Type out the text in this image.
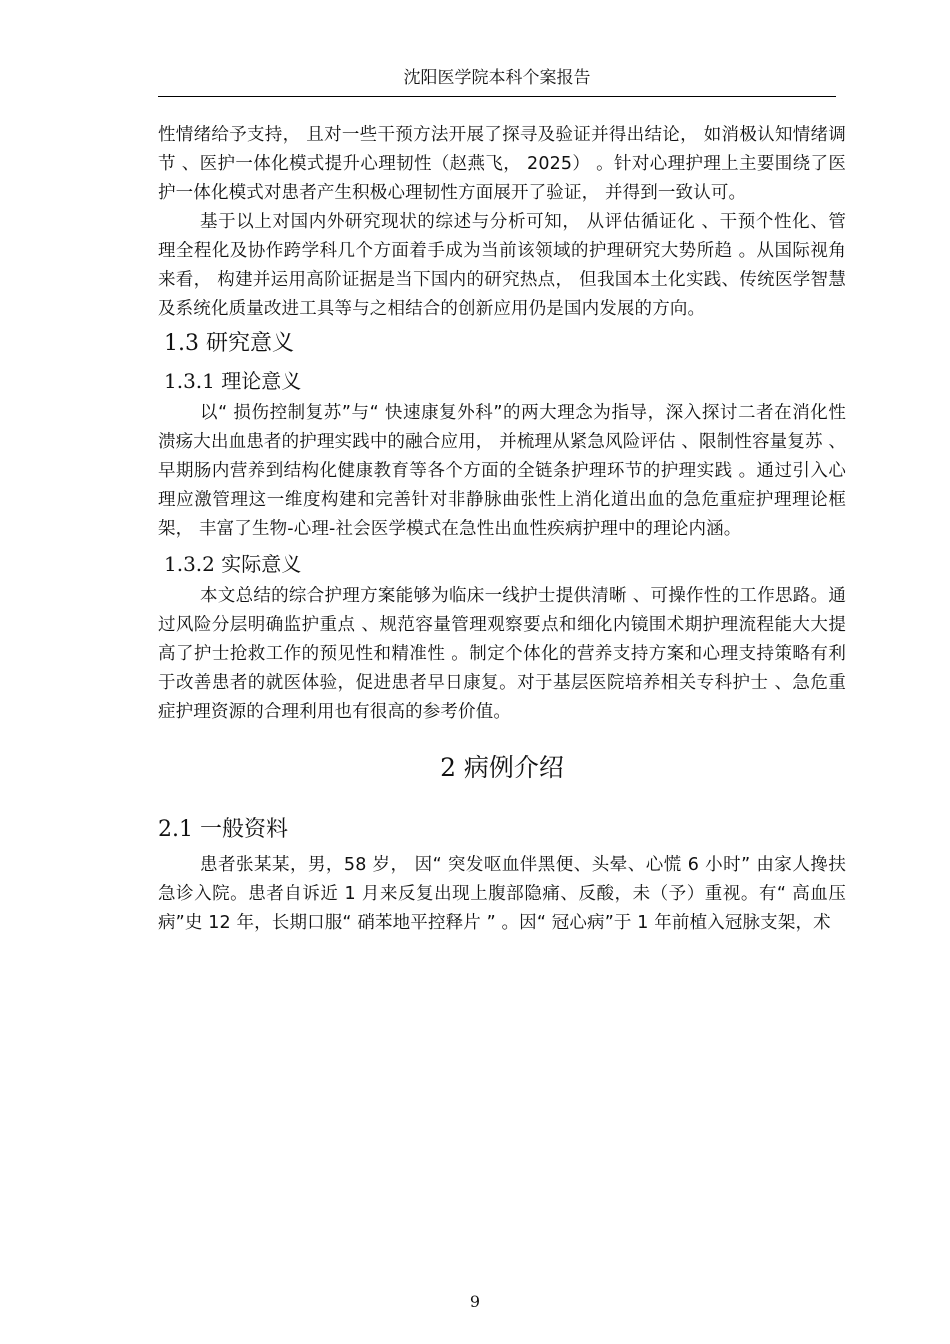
沈阳医学院本科个案报告

性情绪给予支持， 且对一些干预方法开展了探寻及验证并得出结论， 如消极认知情绪调节 、医护一体化模式提升心理韧性（赵燕飞， 2025） 。针对心理护理上主要围绕了医护一体化模式对患者产生积极心理韧性方面展开了验证， 并得到一致认可。

基于以上对国内外研究现状的综述与分析可知， 从评估循证化 、干预个性化、管理全程化及协作跨学科几个方面着手成为当前该领域的护理研究大势所趋 。从国际视角来看， 构建并运用高阶证据是当下国内的研究热点， 但我国本土化实践、传统医学智慧及系统化质量改进工具等与之相结合的创新应用仍是国内发展的方向。

1.3 研究意义
1.3.1 理论意义

以“ 损伤控制复苏”与“ 快速康复外科”的两大理念为指导，深入探讨二者在消化性溃疡大出血患者的护理实践中的融合应用， 并梳理从紧急风险评估 、限制性容量复苏 、早期肠内营养到结构化健康教育等各个方面的全链条护理环节的护理实践 。通过引入心理应激管理这一维度构建和完善针对非静脉曲张性上消化道出血的急危重症护理理论框架， 丰富了生物-心理-社会医学模式在急性出血性疾病护理中的理论内涵。

1.3.2 实际意义

本文总结的综合护理方案能够为临床一线护士提供清晰 、可操作性的工作思路。通过风险分层明确监护重点 、规范容量管理观察要点和细化内镜围术期护理流程能大大提高了护士抢救工作的预见性和精准性 。制定个体化的营养支持方案和心理支持策略有利于改善患者的就医体验，促进患者早日康复。对于基层医院培养相关专科护士 、急危重症护理资源的合理利用也有很高的参考价值。

2 病例介绍
2.1 一般资料

患者张某某，男，58 岁， 因“ 突发呕血伴黑便、头晕、心慌 6 小时” 由家人搀扶急诊入院。患者自诉近 1 月来反复出现上腹部隐痛、反酸，未（予）重视。有“ 高血压病”史 12 年，长期口服“ 硝苯地平控释片 ” 。因“ 冠心病”于 1 年前植入冠脉支架，术

9
